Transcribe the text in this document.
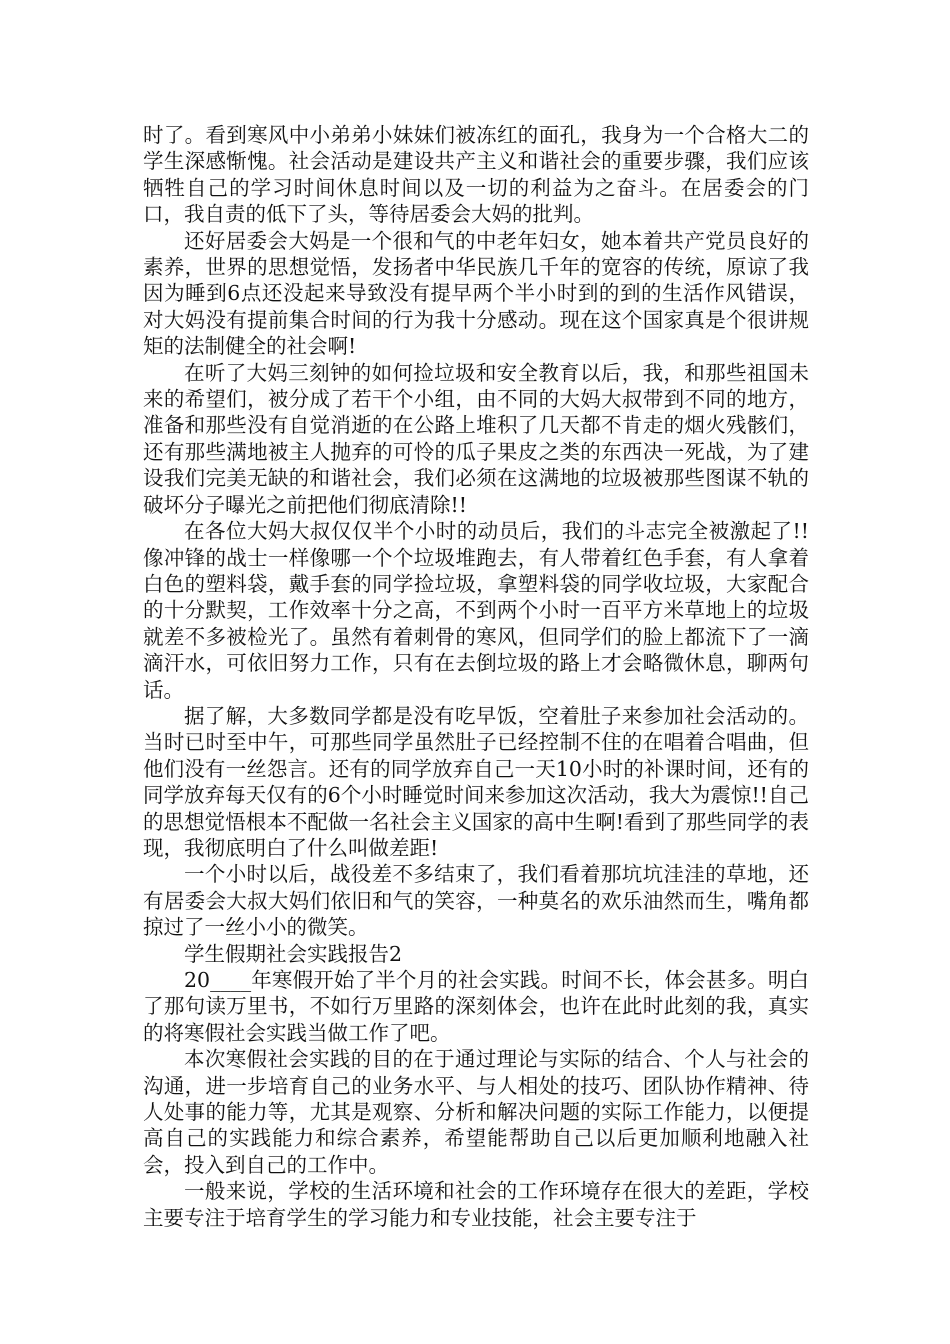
时了。看到寒风中小弟弟小妹妹们被冻红的面孔，我身为一个合格大二的学生深感惭愧。社会活动是建设共产主义和谐社会的重要步骤，我们应该牺牲自己的学习时间休息时间以及一切的利益为之奋斗。在居委会的门口，我自责的低下了头，等待居委会大妈的批判。

还好居委会大妈是一个很和气的中老年妇女，她本着共产党员良好的素养，世界的思想觉悟，发扬者中华民族几千年的宽容的传统，原谅了我因为睡到6点还没起来导致没有提早两个半小时到的到的生活作风错误，对大妈没有提前集合时间的行为我十分感动。现在这个国家真是个很讲规矩的法制健全的社会啊!

在听了大妈三刻钟的如何捡垃圾和安全教育以后，我，和那些祖国未来的希望们，被分成了若干个小组，由不同的大妈大叔带到不同的地方，准备和那些没有自觉消逝的在公路上堆积了几天都不肯走的烟火残骸们，还有那些满地被主人抛弃的可怜的瓜子果皮之类的东西决一死战，为了建设我们完美无缺的和谐社会，我们必须在这满地的垃圾被那些图谋不轨的破坏分子曝光之前把他们彻底清除!!

在各位大妈大叔仅仅半个小时的动员后，我们的斗志完全被激起了!!像冲锋的战士一样像哪一个个垃圾堆跑去，有人带着红色手套，有人拿着白色的塑料袋，戴手套的同学捡垃圾，拿塑料袋的同学收垃圾，大家配合的十分默契，工作效率十分之高，不到两个小时一百平方米草地上的垃圾就差不多被检光了。虽然有着刺骨的寒风，但同学们的脸上都流下了一滴滴汗水，可依旧努力工作，只有在去倒垃圾的路上才会略微休息，聊两句话。

据了解，大多数同学都是没有吃早饭，空着肚子来参加社会活动的。当时已时至中午，可那些同学虽然肚子已经控制不住的在唱着合唱曲，但他们没有一丝怨言。还有的同学放弃自己一天10小时的补课时间，还有的同学放弃每天仅有的6个小时睡觉时间来参加这次活动，我大为震惊!!自己的思想觉悟根本不配做一名社会主义国家的高中生啊!看到了那些同学的表现，我彻底明白了什么叫做差距!

一个小时以后，战役差不多结束了，我们看着那坑坑洼洼的草地，还有居委会大叔大妈们依旧和气的笑容，一种莫名的欢乐油然而生，嘴角都掠过了一丝小小的微笑。

学生假期社会实践报告2

20____年寒假开始了半个月的社会实践。时间不长，体会甚多。明白了那句读万里书，不如行万里路的深刻体会，也许在此时此刻的我，真实的将寒假社会实践当做工作了吧。

本次寒假社会实践的目的在于通过理论与实际的结合、个人与社会的沟通，进一步培育自己的业务水平、与人相处的技巧、团队协作精神、待人处事的能力等，尤其是观察、分析和解决问题的实际工作能力，以便提高自己的实践能力和综合素养，希望能帮助自己以后更加顺利地融入社会，投入到自己的工作中。

一般来说，学校的生活环境和社会的工作环境存在很大的差距，学校主要专注于培育学生的学习能力和专业技能，社会主要专注于
